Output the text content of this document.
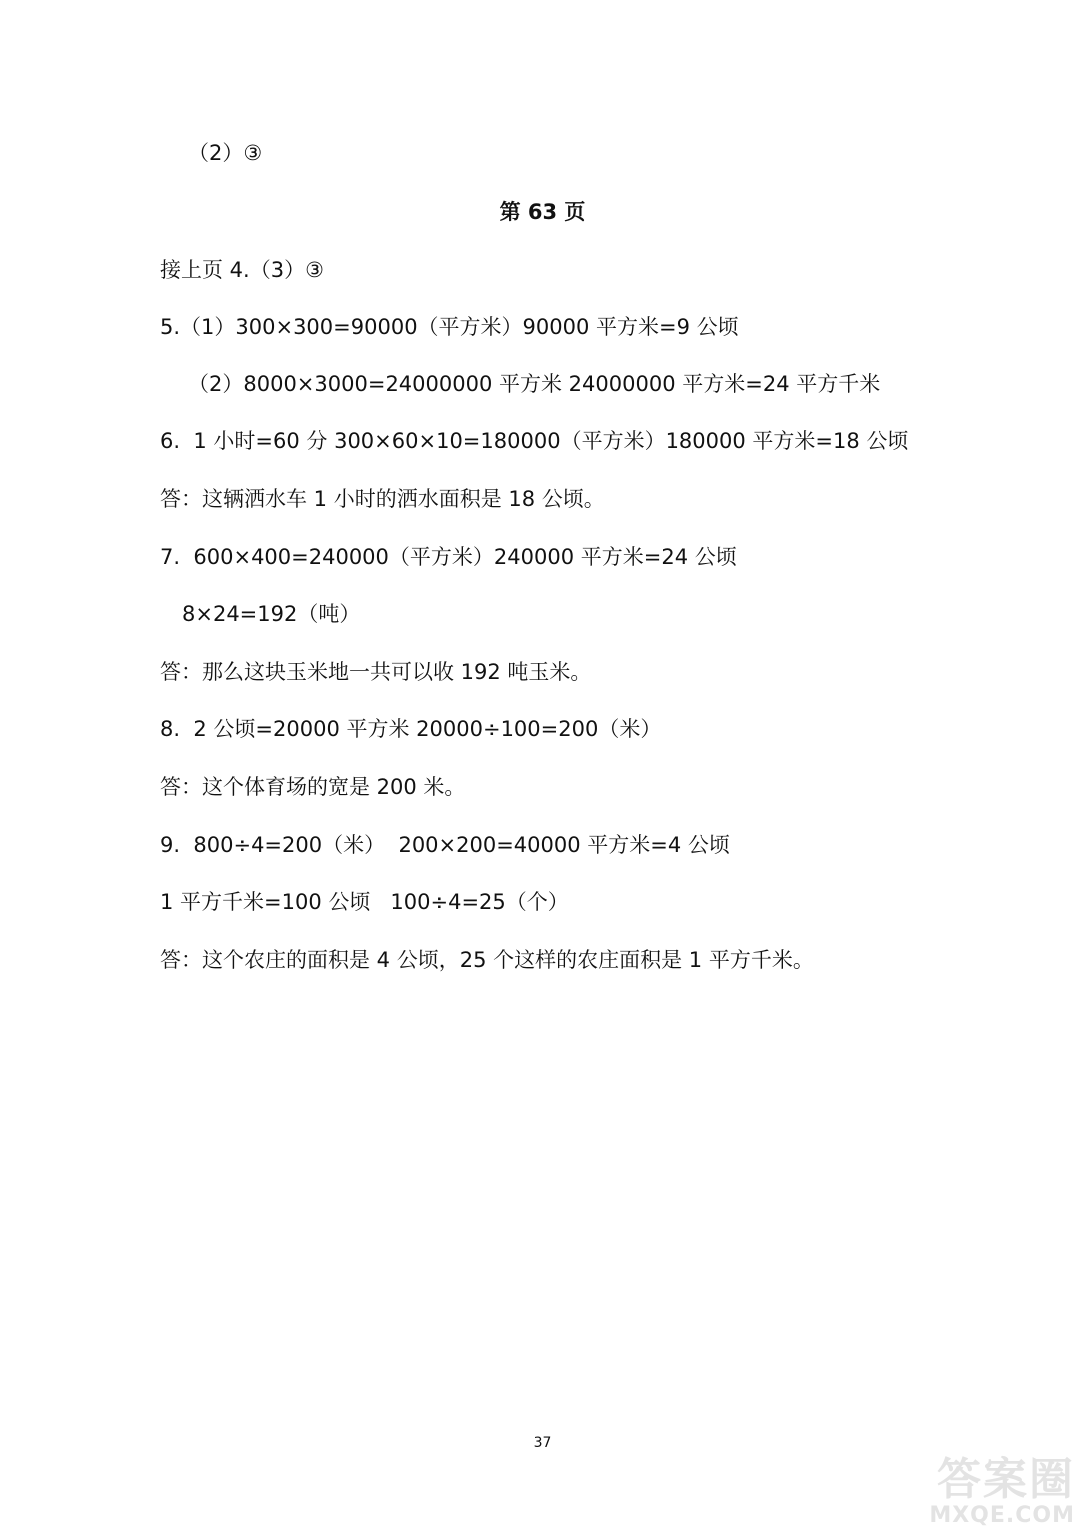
（2）③
第 63 页
接上页 4.（3）③
5.（1）300×300=90000（平方米）90000 平方米=9 公顷
（2）8000×3000=24000000 平方米 24000000 平方米=24 平方千米
6.  1 小时=60 分 300×60×10=180000（平方米）180000 平方米=18 公顷
答：这辆洒水车 1 小时的洒水面积是 18 公顷。
7.  600×400=240000（平方米）240000 平方米=24 公顷
8×24=192（吨）
答：那么这块玉米地一共可以收 192 吨玉米。
8.  2 公顷=20000 平方米 20000÷100=200（米）
答：这个体育场的宽是 200 米。
9.  800÷4=200（米）  200×200=40000 平方米=4 公顷
1 平方千米=100 公顷   100÷4=25（个）
答：这个农庄的面积是 4 公顷，25 个这样的农庄面积是 1 平方千米。
37
答案圈
MXQE.COM
